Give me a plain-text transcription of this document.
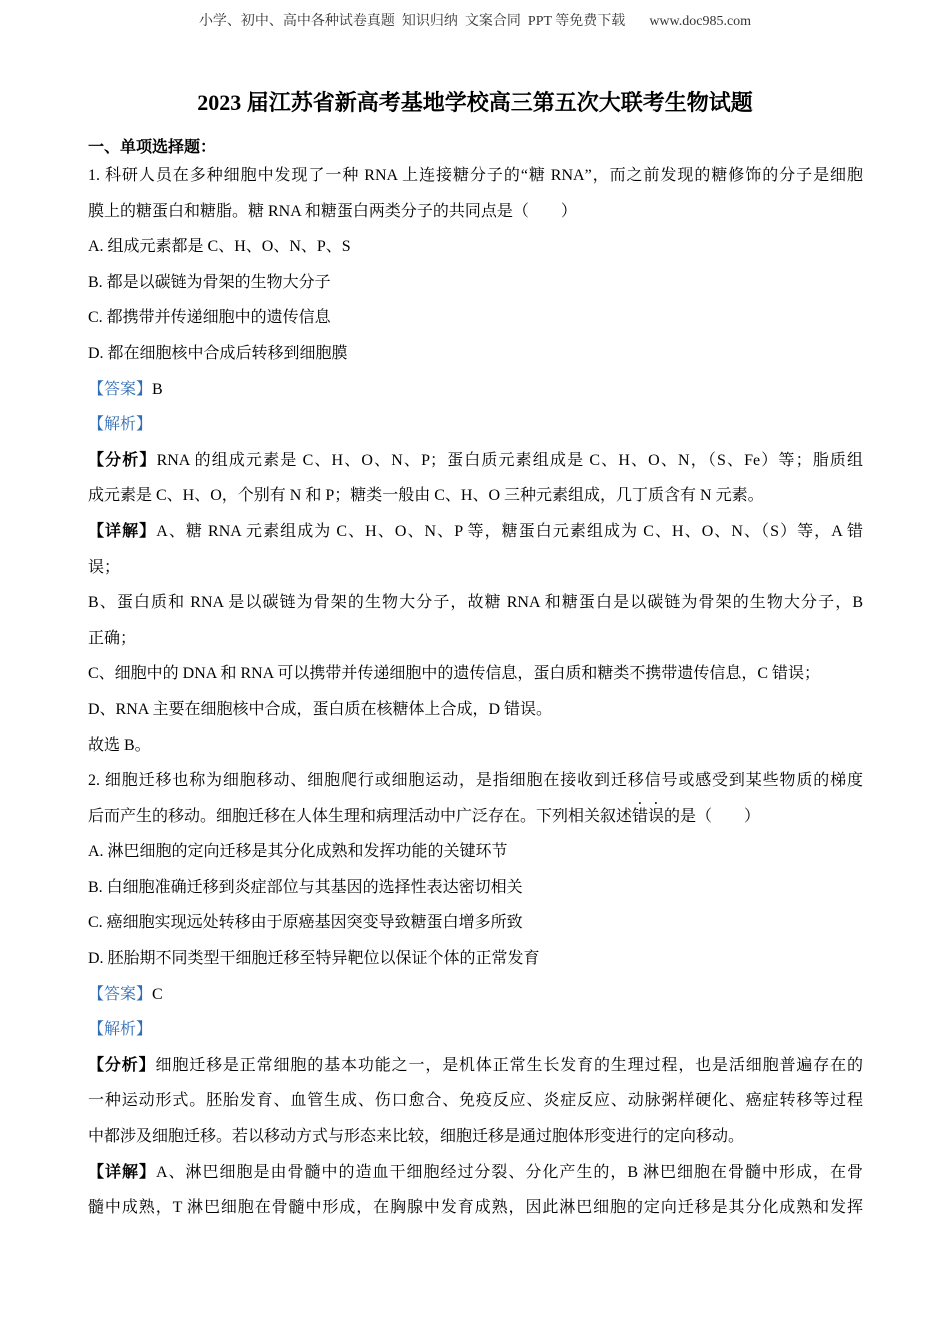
小学、初中、高中各种试卷真题  知识归纳  文案合同  PPT 等免费下载 www.doc985.com
2023 届江苏省新高考基地学校高三第五次大联考生物试题
一、单项选择题：
1. 科研人员在多种细胞中发现了一种 RNA 上连接糖分子的“糖 RNA”，而之前发现的糖修饰的分子是细胞
膜上的糖蛋白和糖脂。糖 RNA 和糖蛋白两类分子的共同点是（　　）
A. 组成元素都是 C、H、O、N、P、S
B. 都是以碳链为骨架的生物大分子
C. 都携带并传递细胞中的遗传信息
D. 都在细胞核中合成后转移到细胞膜
【答案】B
【解析】
【分析】RNA 的组成元素是 C、H、O、N、P；蛋白质元素组成是 C、H、O、N，（S、Fe）等；脂质组
成元素是 C、H、O，个别有 N 和 P；糖类一般由 C、H、O 三种元素组成，几丁质含有 N 元素。
【详解】A、糖 RNA 元素组成为 C、H、O、N、P 等，糖蛋白元素组成为 C、H、O、N、（S）等，A 错
误；
B、蛋白质和 RNA 是以碳链为骨架的生物大分子，故糖 RNA 和糖蛋白是以碳链为骨架的生物大分子，B
正确；
C、细胞中的 DNA 和 RNA 可以携带并传递细胞中的遗传信息，蛋白质和糖类不携带遗传信息，C 错误；
D、RNA 主要在细胞核中合成，蛋白质在核糖体上合成，D 错误。
故选 B。
2. 细胞迁移也称为细胞移动、细胞爬行或细胞运动，是指细胞在接收到迁移信号或感受到某些物质的梯度
后而产生的移动。细胞迁移在人体生理和病理活动中广泛存在。下列相关叙述错误的是（　　）
A. 淋巴细胞的定向迁移是其分化成熟和发挥功能的关键环节
B. 白细胞准确迁移到炎症部位与其基因的选择性表达密切相关
C. 癌细胞实现远处转移由于原癌基因突变导致糖蛋白增多所致
D. 胚胎期不同类型干细胞迁移至特异靶位以保证个体的正常发育
【答案】C
【解析】
【分析】细胞迁移是正常细胞的基本功能之一，是机体正常生长发育的生理过程，也是活细胞普遍存在的
一种运动形式。胚胎发育、血管生成、伤口愈合、免疫反应、炎症反应、动脉粥样硬化、癌症转移等过程
中都涉及细胞迁移。若以移动方式与形态来比较，细胞迁移是通过胞体形变进行的定向移动。
【详解】A、淋巴细胞是由骨髓中的造血干细胞经过分裂、分化产生的，B 淋巴细胞在骨髓中形成，在骨
髓中成熟，T 淋巴细胞在骨髓中形成，在胸腺中发育成熟，因此淋巴细胞的定向迁移是其分化成熟和发挥
